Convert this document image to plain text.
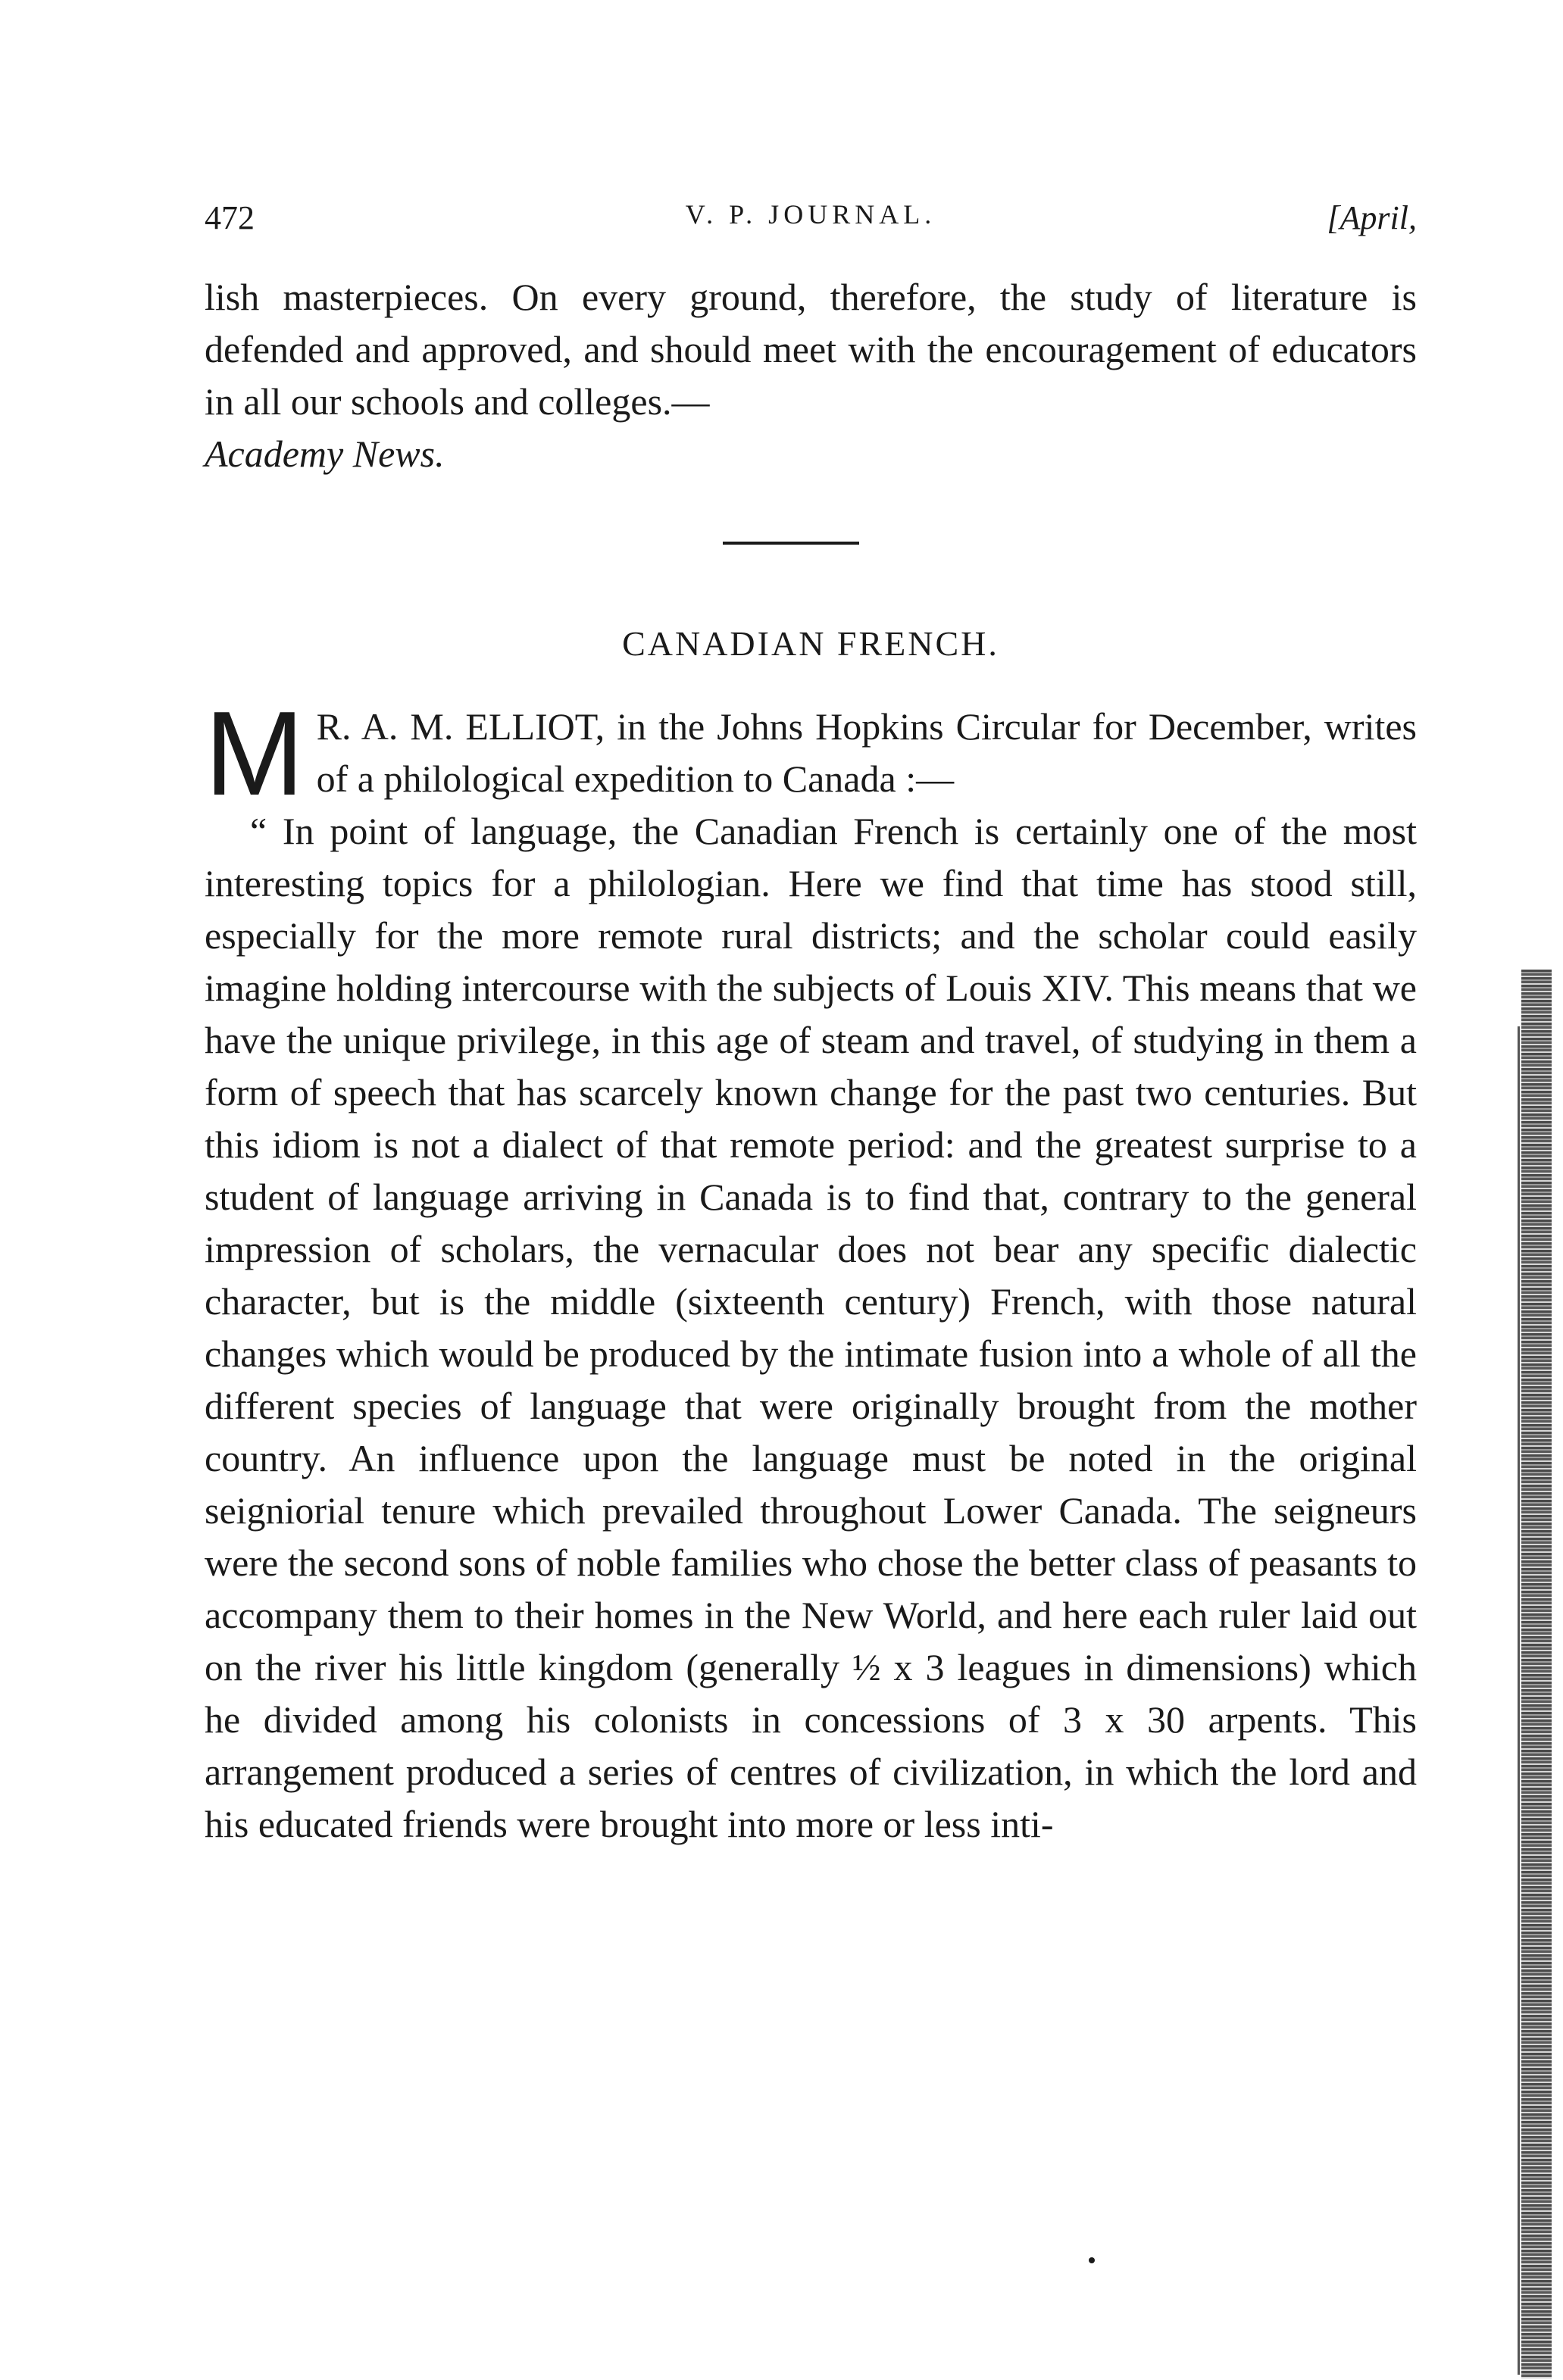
472	V. P. JOURNAL.	[April,

lish masterpieces. On every ground, therefore, the study of literature is defended and approved, and should meet with the encouragement of educators in all our schools and colleges.—
Academy News.

CANADIAN FRENCH.

M R. A. M. ELLIOT, in the Johns Hopkins Circular for December, writes of a philological expedition to Canada :—

“ In point of language, the Canadian French is certainly one of the most interesting topics for a philologian. Here we find that time has stood still, especially for the more remote rural districts; and the scholar could easily imagine holding intercourse with the subjects of Louis XIV. This means that we have the unique privilege, in this age of steam and travel, of studying in them a form of speech that has scarcely known change for the past two centuries. But this idiom is not a dialect of that remote period: and the greatest surprise to a student of language arriving in Canada is to find that, contrary to the general impression of scholars, the vernacular does not bear any specific dialectic character, but is the middle (sixteenth century) French, with those natural changes which would be produced by the intimate fusion into a whole of all the different species of language that were originally brought from the mother country. An influence upon the language must be noted in the original seigniorial tenure which prevailed throughout Lower Canada. The seigneurs were the second sons of noble families who chose the better class of peasants to accompany them to their homes in the New World, and here each ruler laid out on the river his little kingdom (generally ½ x 3 leagues in dimensions) which he divided among his colonists in concessions of 3 x 30 arpents. This arrangement produced a series of centres of civilization, in which the lord and his educated friends were brought into more or less inti-
